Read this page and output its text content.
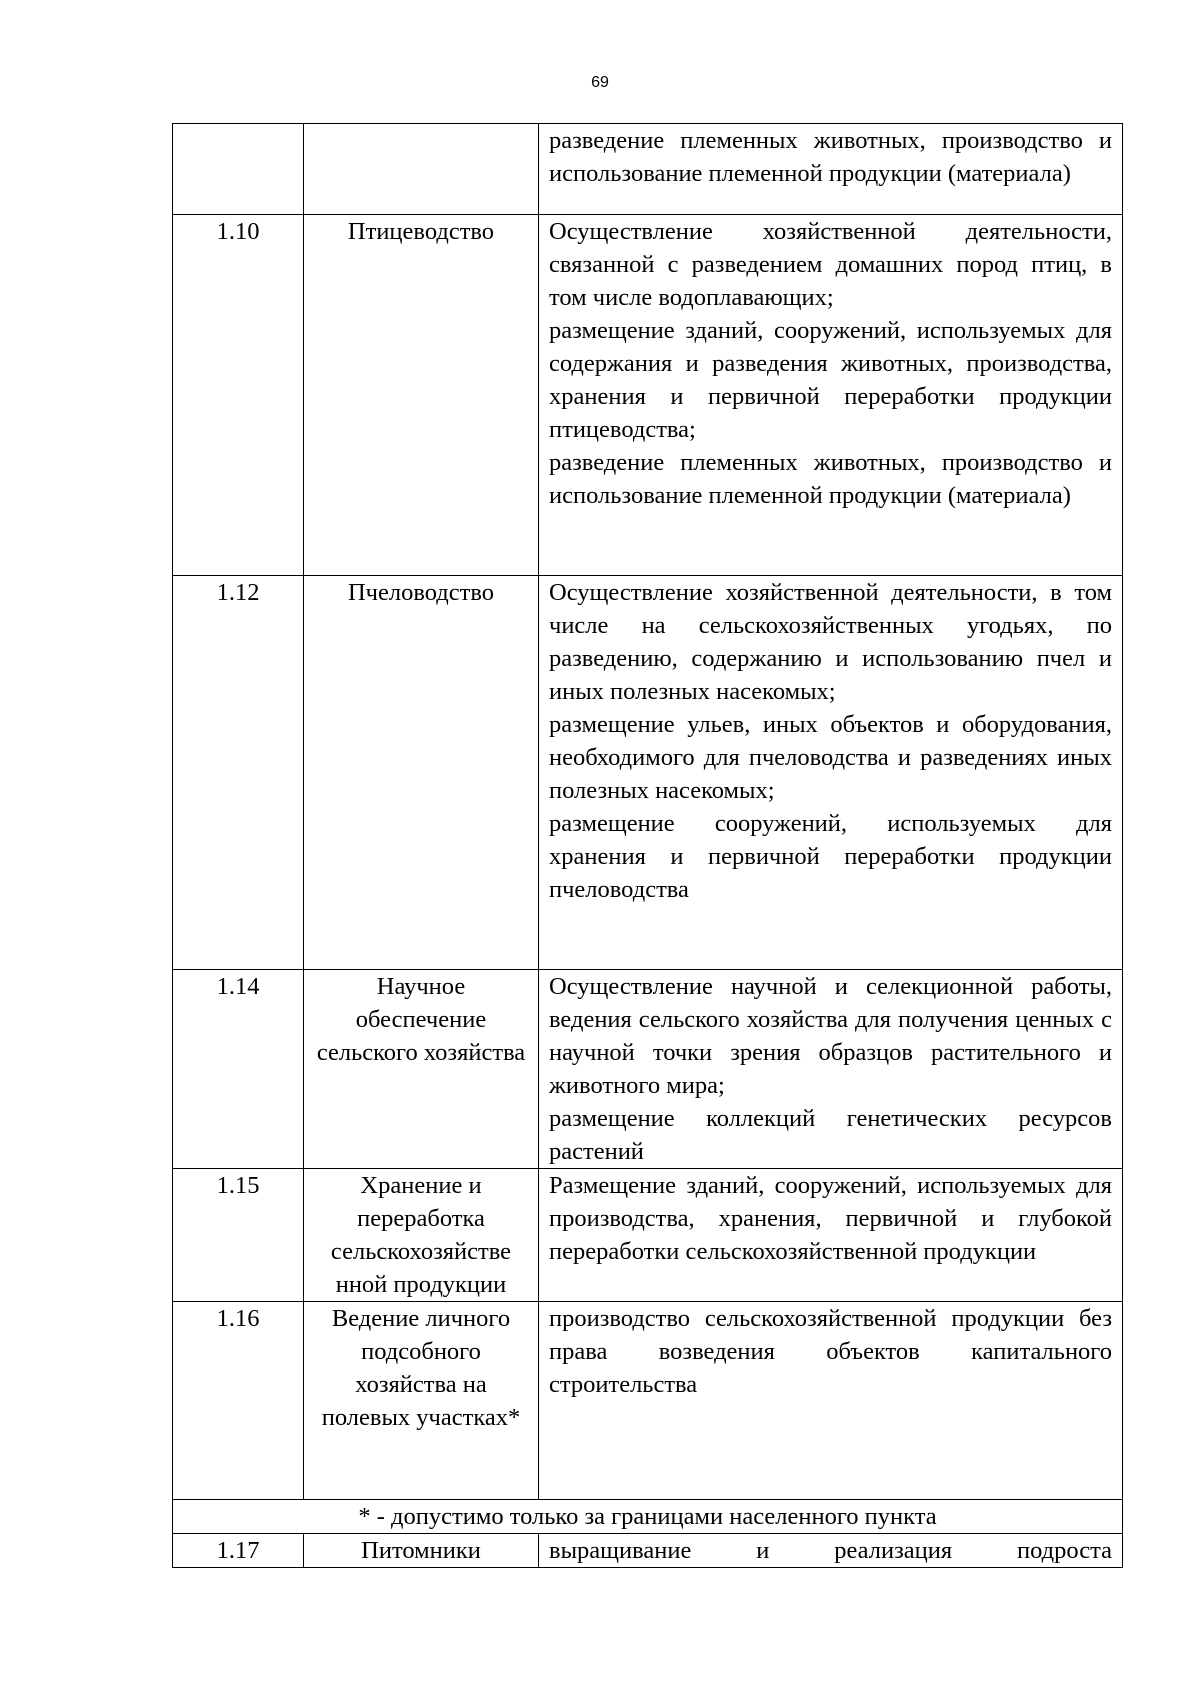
69

		разведение племенных животных, производство и использование племенной продукции (материала)

1.10	Птицеводство	Осуществление хозяйственной деятельности, связанной с разведением домашних пород птиц, в том числе водоплавающих;

размещение зданий, сооружений, используемых для содержания и разведения животных, производства, хранения и первичной переработки продукции птицеводства;

разведение племенных животных, производство и использование племенной продукции (материала)

1.12	Пчеловодство	Осуществление хозяйственной деятельности, в том числе на сельскохозяйственных угодьях, по разведению, содержанию и использованию пчел и иных полезных насекомых;

размещение ульев, иных объектов и оборудования, необходимого для пчеловодства и разведениях иных полезных насекомых;

размещение сооружений, используемых для хранения и первичной переработки продукции пчеловодства

1.14	Научное обеспечение сельского хозяйства	Осуществление научной и селекционной работы, ведения сельского хозяйства для получения ценных с научной точки зрения образцов растительного и животного мира;

размещение коллекций генетических ресурсов растений

1.15	Хранение и переработка сельскохозяйстве нной продукции	Размещение зданий, сооружений, используемых для производства, хранения, первичной и глубокой переработки сельскохозяйственной продукции

1.16	Ведение личного подсобного хозяйства на полевых участках*	производство сельскохозяйственной продукции без права возведения объектов капитального строительства

* - допустимо только за границами населенного пункта		
1.17	Питомники	выращивание и реализация подроста
